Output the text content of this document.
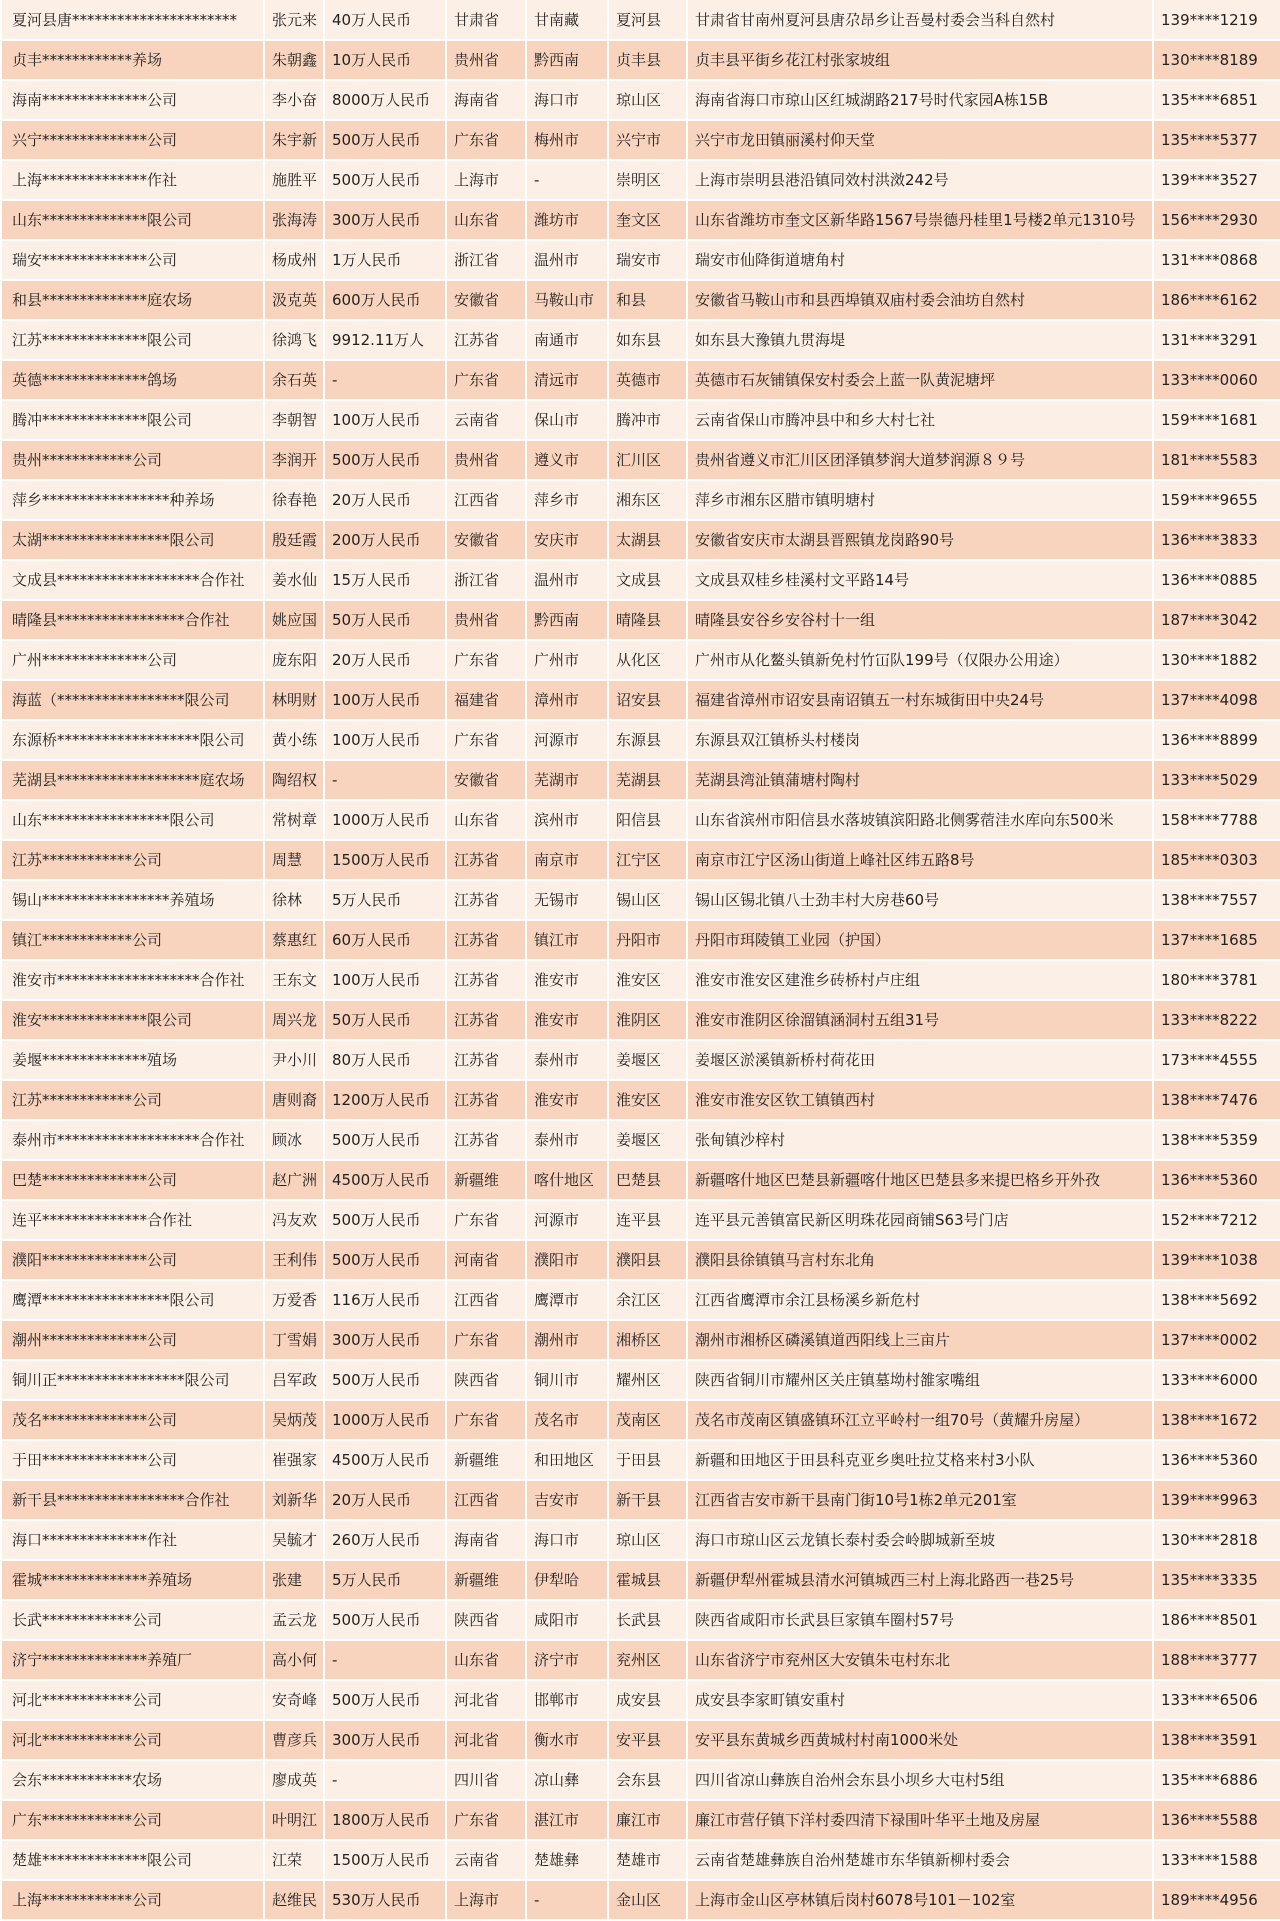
夏河县唐**********************	张元来	40万人民币	甘肃省	甘南藏	夏河县	甘肃省甘南州夏河县唐尕昂乡让吾曼村委会当科自然村	139****1219
贞丰************养场	朱朝鑫	10万人民币	贵州省	黔西南	贞丰县	贞丰县平街乡花江村张家坡组	130****8189
海南**************公司	李小奋	8000万人民币	海南省	海口市	琼山区	海南省海口市琼山区红城湖路217号时代家园A栋15B	135****6851
兴宁**************公司	朱宇新	500万人民币	广东省	梅州市	兴宁市	兴宁市龙田镇丽溪村仰天堂	135****5377
上海**************作社	施胜平	500万人民币	上海市	-	崇明区	上海市崇明县港沿镇同效村洪滧242号	139****3527
山东**************限公司	张海涛	300万人民币	山东省	潍坊市	奎文区	山东省潍坊市奎文区新华路1567号崇德丹桂里1号楼2单元1310号	156****2930
瑞安**************公司	杨成州	1万人民币	浙江省	温州市	瑞安市	瑞安市仙降街道塘角村	131****0868
和县**************庭农场	汲克英	600万人民币	安徽省	马鞍山市	和县	安徽省马鞍山市和县西埠镇双庙村委会油坊自然村	186****6162
江苏**************限公司	徐鸿飞	9912.11万人	江苏省	南通市	如东县	如东县大豫镇九贯海堤	131****3291
英德**************鸽场	余石英	-	广东省	清远市	英德市	英德市石灰铺镇保安村委会上蓝一队黄泥塘坪	133****0060
腾冲**************限公司	李朝智	100万人民币	云南省	保山市	腾冲市	云南省保山市腾冲县中和乡大村七社	159****1681
贵州************公司	李润开	500万人民币	贵州省	遵义市	汇川区	贵州省遵义市汇川区团泽镇梦润大道梦润源８９号	181****5583
萍乡*****************种养场	徐春艳	20万人民币	江西省	萍乡市	湘东区	萍乡市湘东区腊市镇明塘村	159****9655
太湖*****************限公司	殷廷霞	200万人民币	安徽省	安庆市	太湖县	安徽省安庆市太湖县晋熙镇龙岗路90号	136****3833
文成县*******************合作社	姜水仙	15万人民币	浙江省	温州市	文成县	文成县双桂乡桂溪村文平路14号	136****0885
晴隆县*****************合作社	姚应国	50万人民币	贵州省	黔西南	晴隆县	晴隆县安谷乡安谷村十一组	187****3042
广州**************公司	庞东阳	20万人民币	广东省	广州市	从化区	广州市从化鳌头镇新免村竹冚队199号（仅限办公用途）	130****1882
海蓝（*****************限公司	林明财	100万人民币	福建省	漳州市	诏安县	福建省漳州市诏安县南诏镇五一村东城街田中央24号	137****4098
东源桥*******************限公司	黄小练	100万人民币	广东省	河源市	东源县	东源县双江镇桥头村楼岗	136****8899
芜湖县*******************庭农场	陶绍权	-	安徽省	芜湖市	芜湖县	芜湖县湾沚镇蒲塘村陶村	133****5029
山东*****************限公司	常树章	1000万人民币	山东省	滨州市	阳信县	山东省滨州市阳信县水落坡镇滨阳路北侧雾蓿洼水库向东500米	158****7788
江苏************公司	周慧	1500万人民币	江苏省	南京市	江宁区	南京市江宁区汤山街道上峰社区纬五路8号	185****0303
锡山*****************养殖场	徐林	5万人民币	江苏省	无锡市	锡山区	锡山区锡北镇八士劲丰村大房巷60号	138****7557
镇江************公司	蔡惠红	60万人民币	江苏省	镇江市	丹阳市	丹阳市珥陵镇工业园（护国）	137****1685
淮安市*******************合作社	王东文	100万人民币	江苏省	淮安市	淮安区	淮安市淮安区建淮乡砖桥村卢庄组	180****3781
淮安**************限公司	周兴龙	50万人民币	江苏省	淮安市	淮阴区	淮安市淮阴区徐溜镇涵洞村五组31号	133****8222
姜堰**************殖场	尹小川	80万人民币	江苏省	泰州市	姜堰区	姜堰区淤溪镇新桥村荷花田	173****4555
江苏************公司	唐则裔	1200万人民币	江苏省	淮安市	淮安区	淮安市淮安区钦工镇镇西村	138****7476
泰州市*******************合作社	顾冰	500万人民币	江苏省	泰州市	姜堰区	张甸镇沙梓村	138****5359
巴楚**************公司	赵广洲	4500万人民币	新疆维	喀什地区	巴楚县	新疆喀什地区巴楚县新疆喀什地区巴楚县多来提巴格乡开外孜	136****5360
连平**************合作社	冯友欢	500万人民币	广东省	河源市	连平县	连平县元善镇富民新区明珠花园商铺S63号门店	152****7212
濮阳**************公司	王利伟	500万人民币	河南省	濮阳市	濮阳县	濮阳县徐镇镇马言村东北角	139****1038
鹰潭*****************限公司	万爱香	116万人民币	江西省	鹰潭市	余江区	江西省鹰潭市余江县杨溪乡新危村	138****5692
潮州**************公司	丁雪娟	300万人民币	广东省	潮州市	湘桥区	潮州市湘桥区磷溪镇道西阳线上三亩片	137****0002
铜川正*****************限公司	吕军政	500万人民币	陕西省	铜川市	耀州区	陕西省铜川市耀州区关庄镇墓坳村雒家嘴组	133****6000
茂名**************公司	吴炳茂	1000万人民币	广东省	茂名市	茂南区	茂名市茂南区镇盛镇环江立平岭村一组70号（黄耀升房屋）	138****1672
于田**************公司	崔强家	4500万人民币	新疆维	和田地区	于田县	新疆和田地区于田县科克亚乡奥吐拉艾格来村3小队	136****5360
新干县*****************合作社	刘新华	20万人民币	江西省	吉安市	新干县	江西省吉安市新干县南门街10号1栋2单元201室	139****9963
海口**************作社	吴毓才	260万人民币	海南省	海口市	琼山区	海口市琼山区云龙镇长泰村委会岭脚城新至坡	130****2818
霍城**************养殖场	张建	5万人民币	新疆维	伊犁哈	霍城县	新疆伊犁州霍城县清水河镇城西三村上海北路西一巷25号	135****3335
长武************公司	孟云龙	500万人民币	陕西省	咸阳市	长武县	陕西省咸阳市长武县巨家镇车圈村57号	186****8501
济宁**************养殖厂	高小何	-	山东省	济宁市	兖州区	山东省济宁市兖州区大安镇朱屯村东北	188****3777
河北************公司	安奇峰	500万人民币	河北省	邯郸市	成安县	成安县李家町镇安重村	133****6506
河北************公司	曹彦兵	300万人民币	河北省	衡水市	安平县	安平县东黄城乡西黄城村村南1000米处	138****3591
会东************农场	廖成英	-	四川省	凉山彝	会东县	四川省凉山彝族自治州会东县小坝乡大屯村5组	135****6886
广东************公司	叶明江	1800万人民币	广东省	湛江市	廉江市	廉江市营仔镇下洋村委四清下禄围叶华平土地及房屋	136****5588
楚雄**************限公司	江荣	1500万人民币	云南省	楚雄彝	楚雄市	云南省楚雄彝族自治州楚雄市东华镇新柳村委会	133****1588
上海************公司	赵维民	530万人民币	上海市	-	金山区	上海市金山区亭林镇后岗村6078号101－102室	189****4956
